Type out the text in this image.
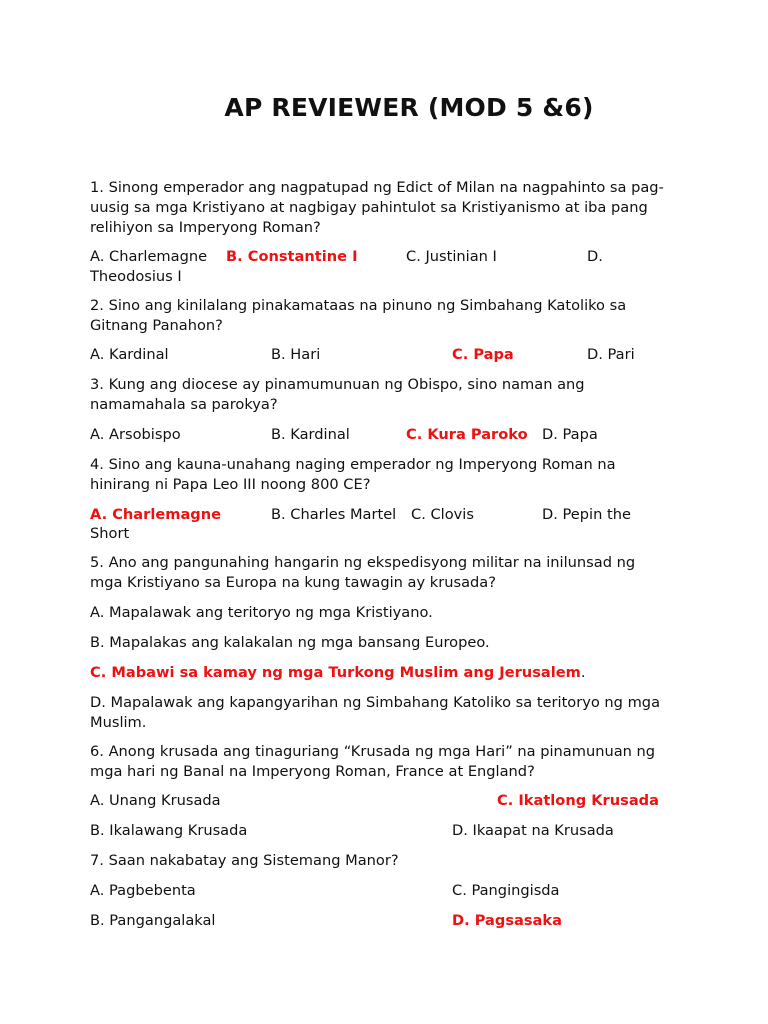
AP REVIEWER (MOD 5 &6)
1. Sinong emperador ang nagpatupad ng Edict of Milan na nagpahinto sa pag-uusig sa mga Kristiyano at nagbigay pahintulot sa Kristiyanismo at iba pang relihiyon sa Imperyong Roman?
A. Charlemagne B. Constantine I	C. Justinian I	D.
Theodosius I
2. Sino ang kinilalang pinakamataas na pinuno ng Simbahang Katoliko sa Gitnang Panahon?
A. Kardinal	B. Hari	C. Papa	D. Pari
3. Kung ang diocese ay pinamumunuan ng Obispo, sino naman ang namamahala sa parokya?
A. Arsobispo	B. Kardinal	C. Kura Paroko D. Papa
4. Sino ang kauna-unahang naging emperador ng Imperyong Roman na hinirang ni Papa Leo III noong 800 CE?
A. Charlemagne	B. Charles Martel C. Clovis	D. Pepin the
Short
5. Ano ang pangunahing hangarin ng ekspedisyong militar na inilunsad ng mga Kristiyano sa Europa na kung tawagin ay krusada?
A. Mapalawak ang teritoryo ng mga Kristiyano.
B. Mapalakas ang kalakalan ng mga bansang Europeo.
C. Mabawi sa kamay ng mga Turkong Muslim ang Jerusalem.
D. Mapalawak ang kapangyarihan ng Simbahang Katoliko sa teritoryo ng mga Muslim.
6. Anong krusada ang tinaguriang “Krusada ng mga Hari” na pinamunuan ng mga hari ng Banal na Imperyong Roman, France at England?
A. Unang Krusada	C. Ikatlong Krusada
B. Ikalawang Krusada	D. Ikaapat na Krusada
7. Saan nakabatay ang Sistemang Manor?
A. Pagbebenta	C. Pangingisda
B. Pangangalakal	D. Pagsasaka
